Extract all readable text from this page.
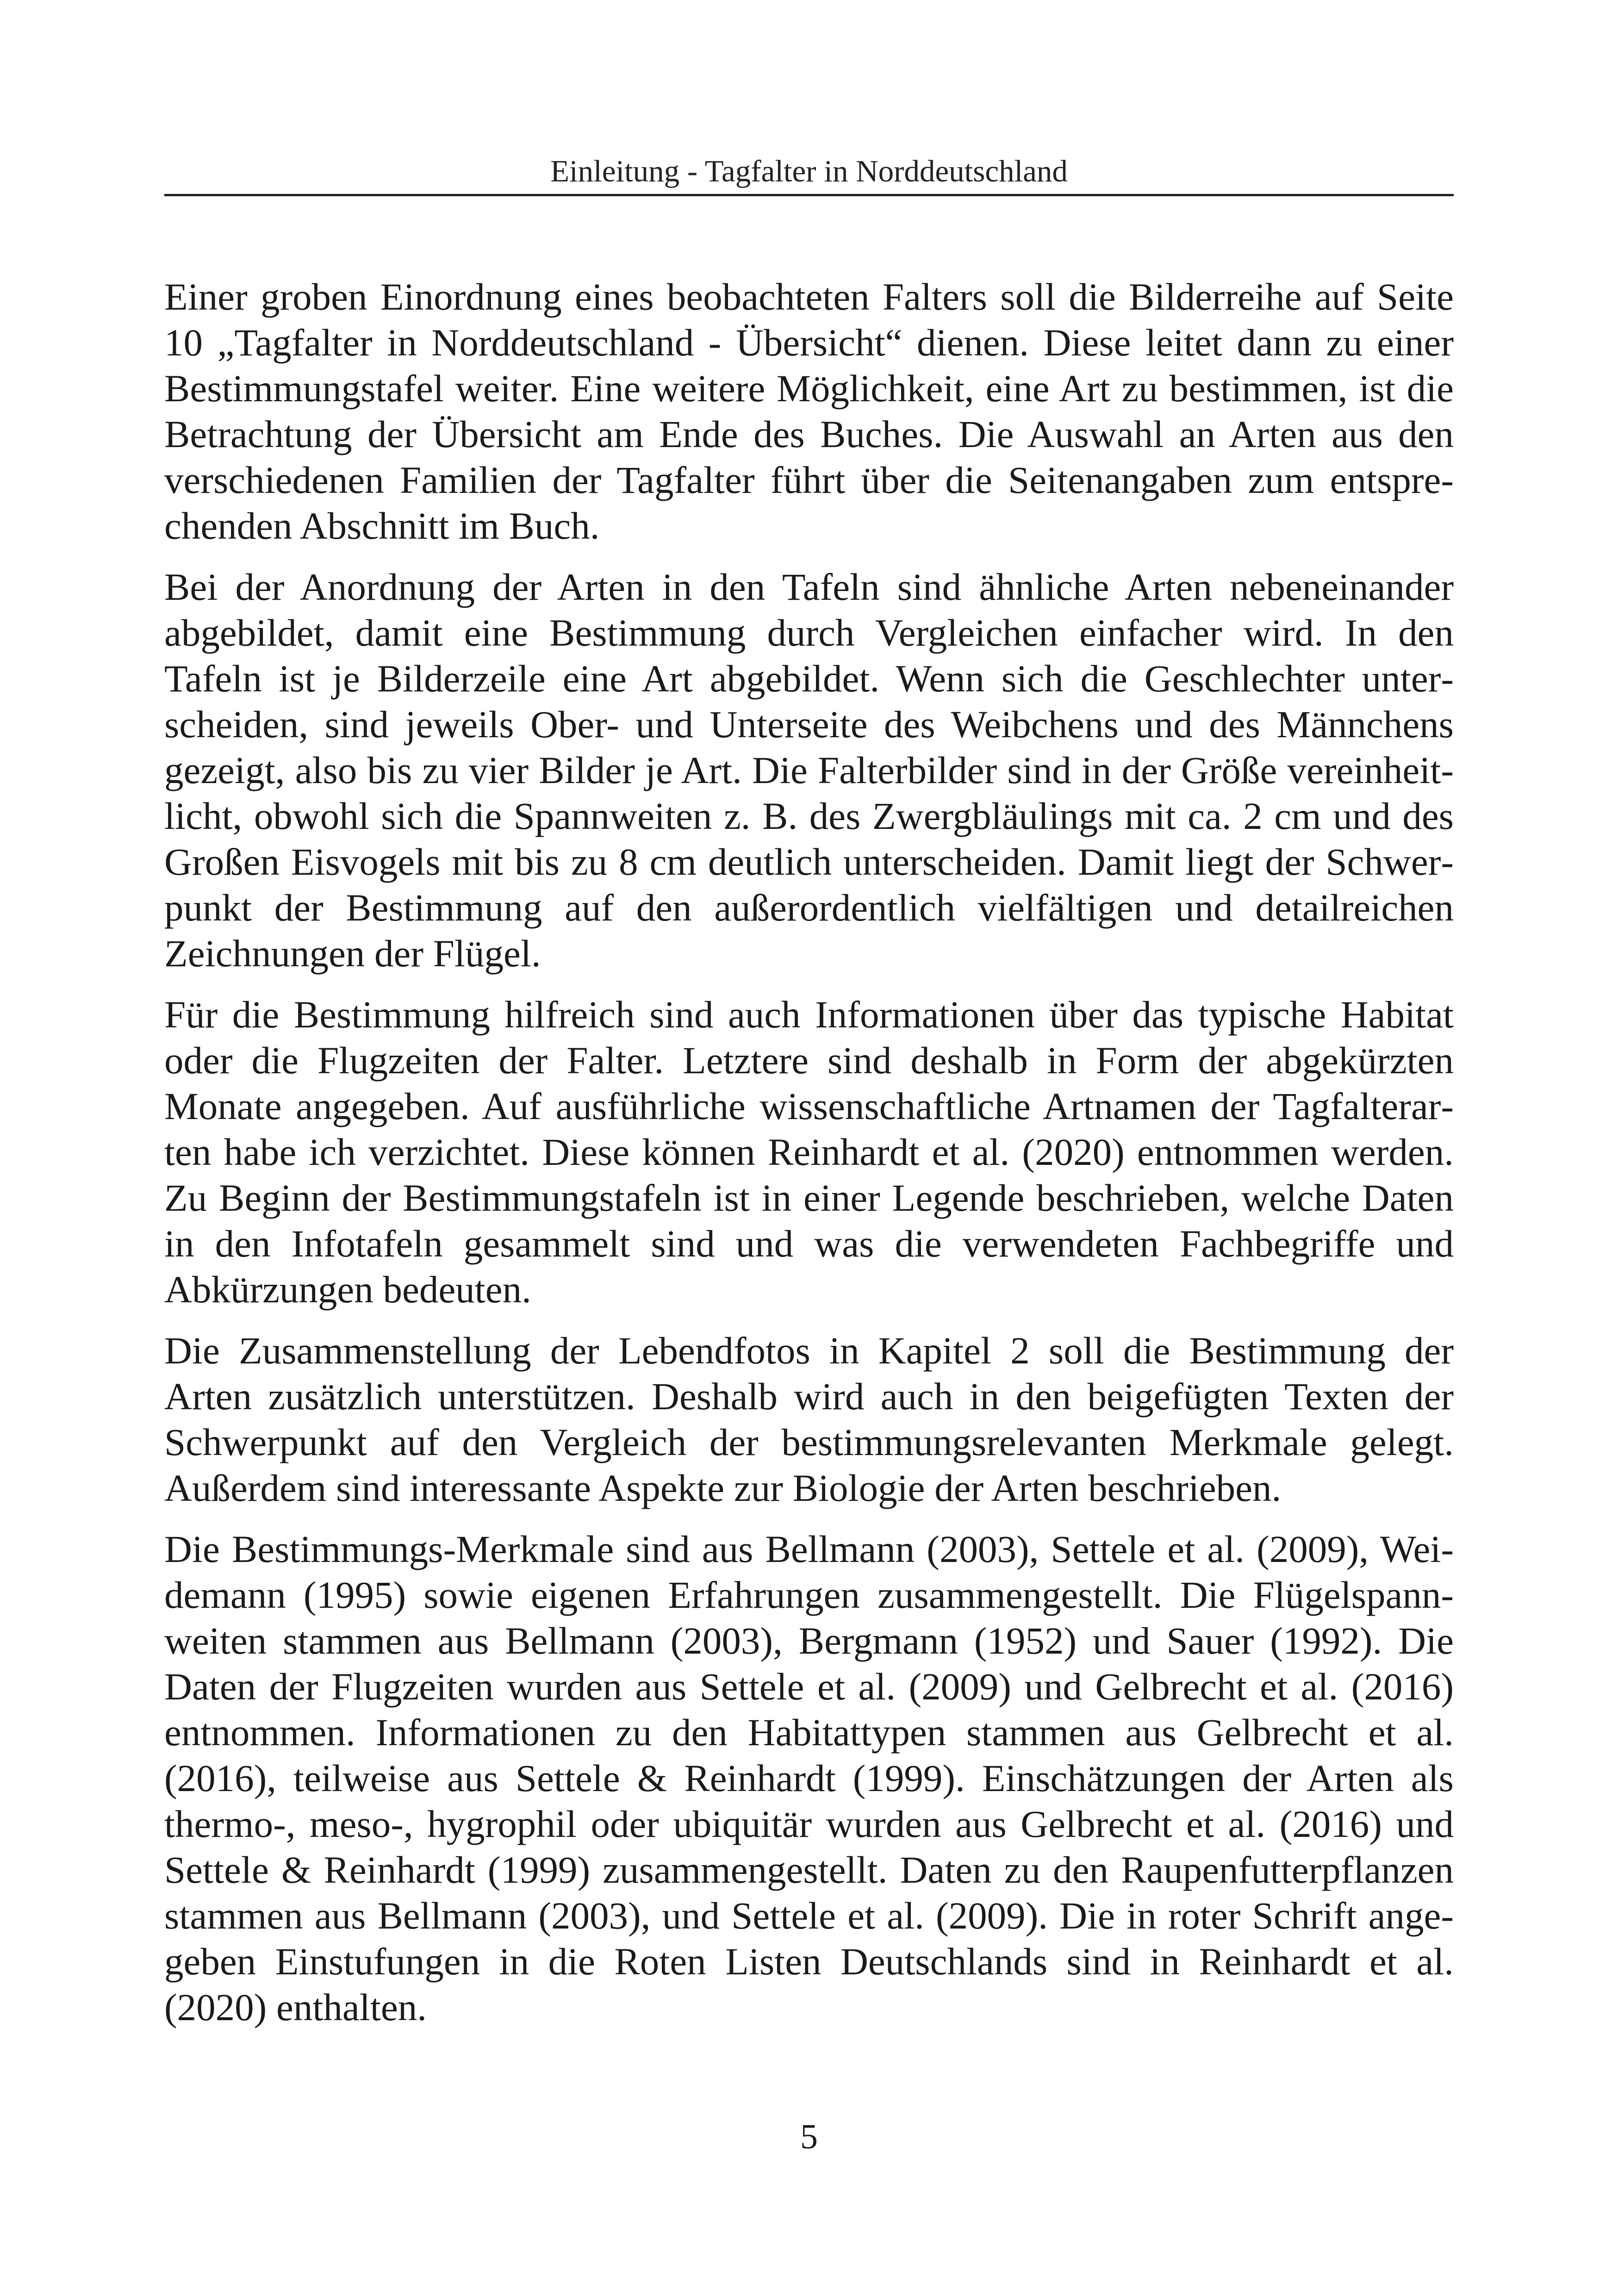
Einleitung - Tagfalter in Norddeutschland

Einer groben Einordnung eines beobachteten Falters soll die Bilderreihe auf Seite 10 „Tagfalter in Norddeutschland - Übersicht“ dienen. Diese leitet dann zu einer Bestimmungstafel weiter. Eine weitere Möglichkeit, eine Art zu bestimmen, ist die Betrachtung der Übersicht am Ende des Buches. Die Auswahl an Arten aus den verschiedenen Familien der Tagfalter führt über die Seitenangaben zum entsprechenden Abschnitt im Buch.

Bei der Anordnung der Arten in den Tafeln sind ähnliche Arten nebeneinander abgebildet, damit eine Bestimmung durch Vergleichen einfacher wird. In den Tafeln ist je Bilderzeile eine Art abgebildet. Wenn sich die Geschlechter unterscheiden, sind jeweils Ober- und Unterseite des Weibchens und des Männchens gezeigt, also bis zu vier Bilder je Art. Die Falterbilder sind in der Größe vereinheitlicht, obwohl sich die Spannweiten z. B. des Zwergbläulings mit ca. 2 cm und des Großen Eisvogels mit bis zu 8 cm deutlich unterscheiden. Damit liegt der Schwerpunkt der Bestimmung auf den außerordentlich vielfältigen und detailreichen Zeichnungen der Flügel.

Für die Bestimmung hilfreich sind auch Informationen über das typische Habitat oder die Flugzeiten der Falter. Letztere sind deshalb in Form der abgekürzten Monate angegeben. Auf ausführliche wissenschaftliche Artnamen der Tagfalterarten habe ich verzichtet. Diese können Reinhardt et al. (2020) entnommen werden. Zu Beginn der Bestimmungstafeln ist in einer Legende beschrieben, welche Daten in den Infotafeln gesammelt sind und was die verwendeten Fachbegriffe und Abkürzungen bedeuten.

Die Zusammenstellung der Lebendfotos in Kapitel 2 soll die Bestimmung der Arten zusätzlich unterstützen. Deshalb wird auch in den beigefügten Texten der Schwerpunkt auf den Vergleich der bestimmungsrelevanten Merkmale gelegt. Außerdem sind interessante Aspekte zur Biologie der Arten beschrieben.

Die Bestimmungs-Merkmale sind aus Bellmann (2003), Settele et al. (2009), Weidemann (1995) sowie eigenen Erfahrungen zusammengestellt. Die Flügelspannweiten stammen aus Bellmann (2003), Bergmann (1952) und Sauer (1992). Die Daten der Flugzeiten wurden aus Settele et al. (2009) und Gelbrecht et al. (2016) entnommen. Informationen zu den Habitattypen stammen aus Gelbrecht et al. (2016), teilweise aus Settele & Reinhardt (1999). Einschätzungen der Arten als thermo-, meso-, hygrophil oder ubiquitär wurden aus Gelbrecht et al. (2016) und Settele & Reinhardt (1999) zusammengestellt. Daten zu den Raupenfutterpflanzen stammen aus Bellmann (2003), und Settele et al. (2009). Die in roter Schrift angegeben Einstufungen in die Roten Listen Deutschlands sind in Reinhardt et al. (2020) enthalten.

5
